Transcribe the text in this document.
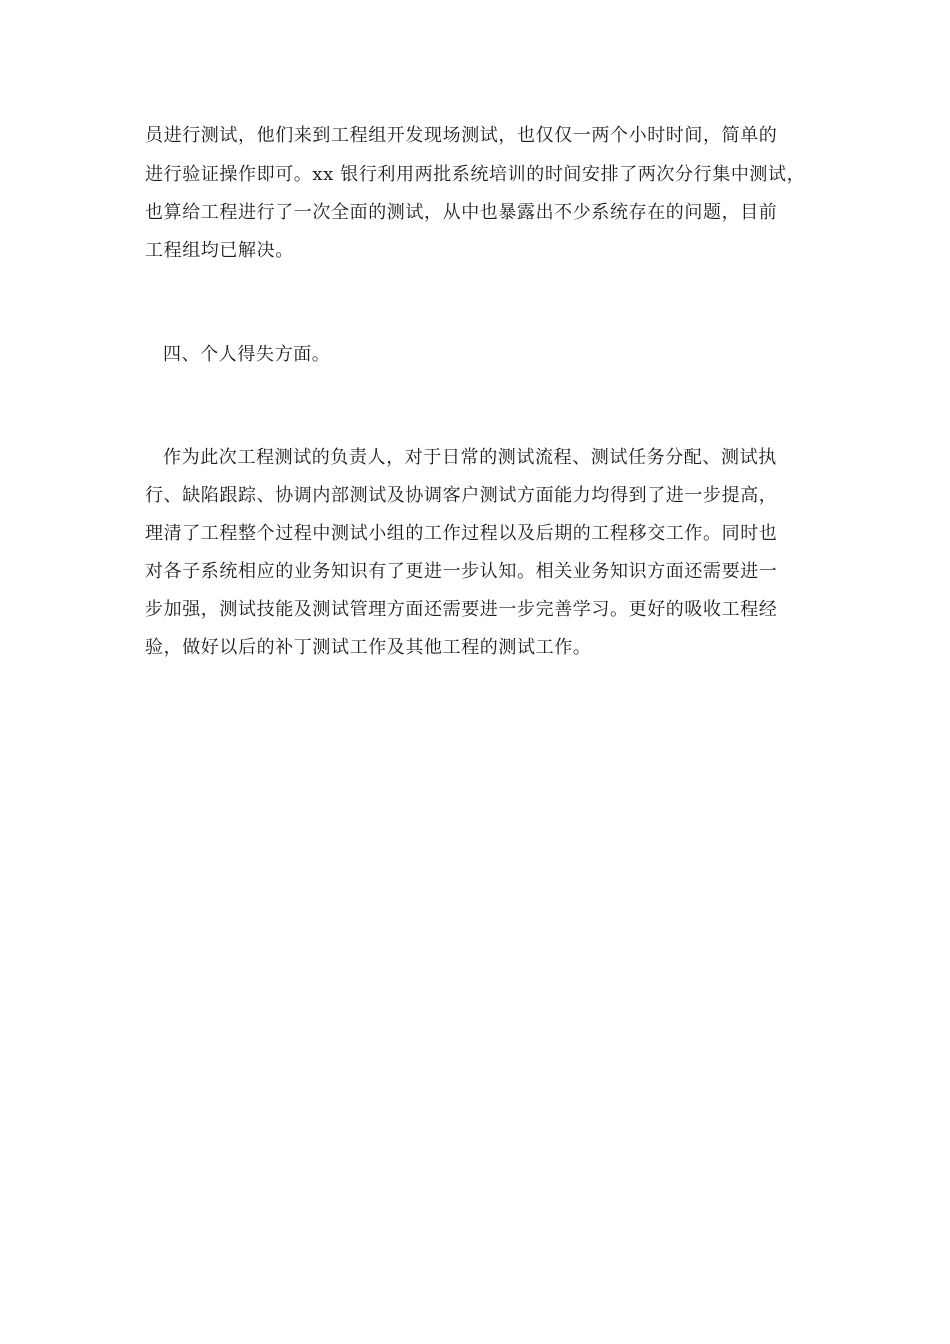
员进行测试，他们来到工程组开发现场测试，也仅仅一两个小时时间，简单的
进行验证操作即可。xx 银行利用两批系统培训的时间安排了两次分行集中测试，
也算给工程进行了一次全面的测试，从中也暴露出不少系统存在的问题，目前
工程组均已解决。
四、个人得失方面。
作为此次工程测试的负责人，对于日常的测试流程、测试任务分配、测试执
行、缺陷跟踪、协调内部测试及协调客户测试方面能力均得到了进一步提高，
理清了工程整个过程中测试小组的工作过程以及后期的工程移交工作。同时也
对各子系统相应的业务知识有了更进一步认知。相关业务知识方面还需要进一
步加强，测试技能及测试管理方面还需要进一步完善学习。更好的吸收工程经
验，做好以后的补丁测试工作及其他工程的测试工作。
